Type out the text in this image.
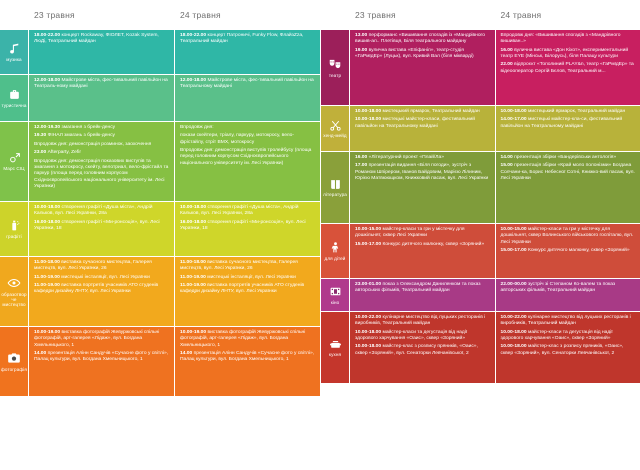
23 травня	24 травня
музика

18.00-22.00 концерт Rockaway, ФІОЛЕТ, Kozak System, ЛюДі, Театральний майдан

18.00-22.00 концерт Патроничі, Funky Flow, ФлайзZza, Театральний майдан

туристична

12.00-18.00 Майстрове міста, фес-тивальний павільйон на Театраль-ному майдані

12.00-18.00 Майстрове міста, фес-тивальний павільйон на Театральному майдані

Марс СІЦ

12.00-19.30 змагання з брейк-денсу

19.30 ФІНАЛ змагань з брейк-денсу

Впродовж дня: демонстрація розминок, заохочення

23.00 Afterparty, Zefir

Впродовж дня: демонстрація показових виступів та змагання з мотокросу, скейту, велотриал, вело-фрістайл та паркур (площа перед головним корпусом Східноєвропейського національного університету ім. Лесі Українки)

Впродовж дня:

покази скейтери, тріалу, паркуру, мотокросу, вело-фрістайлу, стріт BMX, мотокросу

Впродовж дня: демонстрація виступів тролейбусу (площа перед головним корпусом Східноєвропейського національного університету ім. Лесі Українки)

графіті

10.00-18.00 створення графіті «Душа міста», Андрій Кальков, вул. Лесі Українки, 28а

16.00-18.00 створення графіті «Ми-ронсоція», вул. Лесі Українки, 18

10.00-18.00 створення графіті «Душа міста», Андрій Кальков, вул. Лесі Українки, 28а

16.00-18.00 створення графіті «Ми-ронсоція», вул. Лесі Українки, 18

образотворче мистецтво

11.00-18.00 виставка сучасного мистецтва, Галерея мистецтв, вул. Лесі Українки, 26

11.00-19.00 мистецькі інсталяції, вул. Лесі Українки

11.00-19.00 виставка портретів учасників АТО студенів кафедри дизайну ЛНТУ, вул. Лесі Українки

11.00-18.00 виставка сучасного мистецтва, Галерея мистецтв, вул. Лесі Українки, 26

11.00-19.00 мистецькі інсталяції, вул. Лесі Українки

11.00-19.00 виставка портретів учасників АТО студенів кафедри дизайну ЛНТУ, вул. Лесі Українки

фотографія

10.00-19.00 виставка фотографій Жевуржовські спільні фотографій, арт-галерея «Лідаж», вул. Богдана Хмельницького, 1

14.00 презентація Алінн Сандучів «Сучасне фото у світлі», Палац культури, вул. Богдана Хмельницького, 1

10.00-19.00 виставка фотографій Жевуржовські спільні фотографій, арт-галерея «Лідаж», вул. Богдана Хмельницького, 1

14.00 презентація Алінн Сандучів «Сучасне фото у світлі», Палац культури, вул. Богдана Хмельницького, 1

23 травня	24 травня
театр

13.00 перформанс «Вишивання спогадів із «Мандрівного вишив-ал.. Плетівця, Біля театрального майдану

19.00 вулична вистава «Епіфаніл», театр-студія «ГаРмІдЕр» (Луцьк), вул. Кривий Вал (біля мікварді)

Впродовж дня: «Вишивання спогадів з «Мандрівного вишиван..»

16.00 вулична вистава «Дон Кіхот», експериментальний театр EYE (Мінськ, Білорусь), біля Палацу культури

22.00 відпроєкт «Тополиний PLAY&n, театр «ГаРмІдЕр» та відеооператор Сергій Бєлов, Театральний м...

хенд-мейд

10.00-18.00 мистецький ярмарок, Театральний майдан

10.00-18.00 мистецькі майстер-класи, фестивальний павільйон на Театральному майдані

10.00-18.00 мистецький ярмарок, Театральний майдан

14.00-17.00 мистецькі майстер-кла-си, фестивальний павільйон на Театральному майдані

література

16.00 «Літературний проект «Плай/Ла»

17.00 презентація видання «Біля погоди», зустріч з Романом Шпірером, Іванов Байдовим, Марією Лілиним, Юрією Матвюющком, Книжковий пасаж, вул. Лесі Українки

14.00 презентація збірки «Бандерівськи антологія»

15.00 презентація збірки «Край моло полонізми» Богдана Солчани-ка, Борис Небесної Сотні, Книжко-вий пасаж, вул. Лесі Українки

для дітей

10.00-15.00 майстер-класи та гри у містечку для дошкільнят, сквер Лесі Українки

15.00-17.00 Конкурс дитячого малюнку, сквер «Зоряний»

10.00-15.00 майстер-класи та гри у містечку для дошкільнят, сквер Волинського військового госпіталю, вул. Лесі Українки

15.00-17.00 Конкурс дитячого малюнку, сквер «Зоряний»

кіно

23.00-01.00 показ з Олександром Даниленком та показ авторських фільмів, Театральний майдан

22.00-00.00 зустріч зі Степаном Ко-валем та показ авторських фільмів, Театральний майдан

кухня

10.00-22.00 кулінарне мистецтво від луцьких ресторанів і виробників, Театральний майдан

10.00-18.00 майстер-класи та дегустація від надії здорового харчування «Оаис», сквер «Зоряний»

10.00-18.00 майстер-клас з розпису пряників, «Оаис», сквер «Зоряний», вул. Сенаторки Левчанівської, 2

10.00-22.00 кулінарне мистецтво від луцьких ресторанів і виробників, Театральний майдан

10.00-18.00 майстер-класи та дегустація від надії здорового харчування «Оаис», сквер «Зоряний»

10.00-18.00 майстер-клас з розпису пряників, «Оаис», сквер «Зоряний», вул. Сенаторки Левчанівської, 2
